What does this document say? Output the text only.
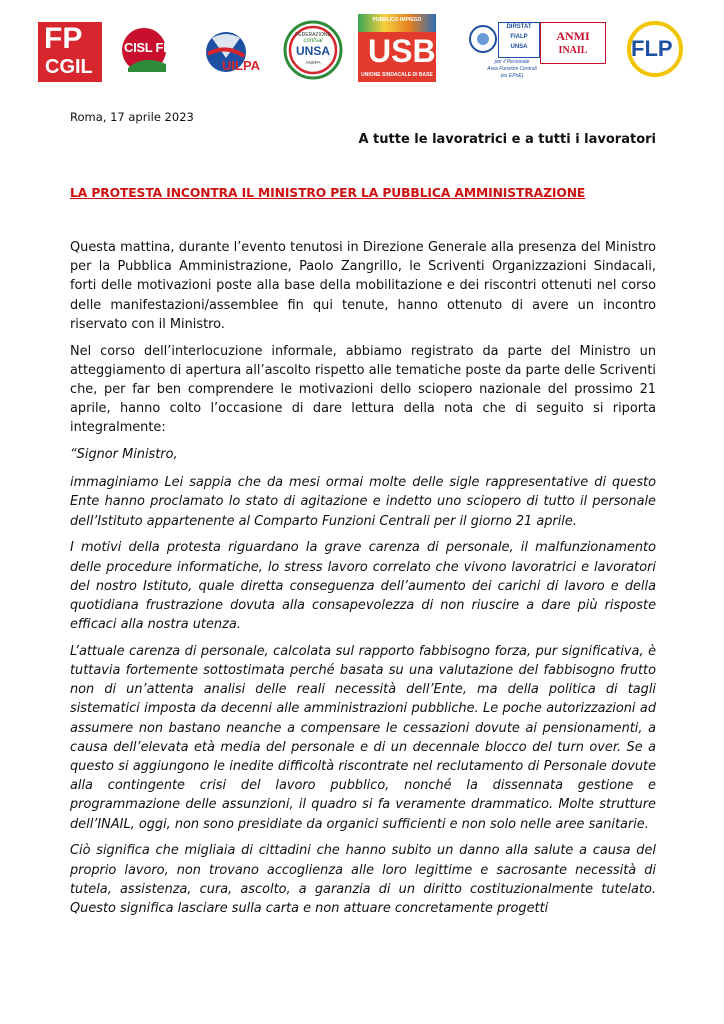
FP
CGIL
CISL FP
UILPA
FEDERAZIONE
confsal
UNSA
ANSPA
PUBBLICO IMPIEGO
USB
UNIONE SINDACALE DI BASE
DIRSTAT
FIALP
UNSA
per il Personale
Area Funzioni Centrali
(ex EPnE)
ANMI
INAIL	FLP
Roma, 17 aprile 2023
A tutte le lavoratrici e a tutti i lavoratori
LA PROTESTA INCONTRA IL MINISTRO PER LA PUBBLICA AMMINISTRAZIONE

Questa mattina, durante l’evento tenutosi in Direzione Generale alla presenza del Ministro per la Pubblica Amministrazione, Paolo Zangrillo, le Scriventi Organizzazioni Sindacali, forti delle motivazioni poste alla base della mobilitazione e dei riscontri ottenuti nel corso delle manifestazioni/assemblee fin qui tenute, hanno ottenuto di avere un incontro riservato con il Ministro.

Nel corso dell’interlocuzione informale, abbiamo registrato da parte del Ministro un atteggiamento di apertura all’ascolto rispetto alle tematiche poste da parte delle Scriventi che, per far ben comprendere le motivazioni dello sciopero nazionale del prossimo 21 aprile, hanno colto l’occasione di dare lettura della nota che di seguito si riporta integralmente:

“Signor Ministro,

immaginiamo Lei sappia che da mesi ormai molte delle sigle rappresentative di questo Ente hanno proclamato lo stato di agitazione e indetto uno sciopero di tutto il personale dell’Istituto appartenente al Comparto Funzioni Centrali per il giorno 21 aprile.

I motivi della protesta riguardano la grave carenza di personale, il malfunzionamento delle procedure informatiche, lo stress lavoro correlato che vivono lavoratrici e lavoratori del nostro Istituto, quale diretta conseguenza dell’aumento dei carichi di lavoro e della quotidiana frustrazione dovuta alla consapevolezza di non riuscire a dare più risposte efficaci alla nostra utenza.

L’attuale carenza di personale, calcolata sul rapporto fabbisogno forza, pur significativa, è tuttavia fortemente sottostimata perché basata su una valutazione del fabbisogno frutto non di un’attenta analisi delle reali necessità dell’Ente, ma della politica di tagli sistematici imposta da decenni alle amministrazioni pubbliche. Le poche autorizzazioni ad assumere non bastano neanche a compensare le cessazioni dovute ai pensionamenti, a causa dell’elevata età media del personale e di un decennale blocco del turn over. Se a questo si aggiungono le inedite difficoltà riscontrate nel reclutamento di Personale dovute alla contingente crisi del lavoro pubblico, nonché la dissennata gestione e programmazione delle assunzioni, il quadro si fa veramente drammatico. Molte strutture dell’INAIL, oggi, non sono presidiate da organici sufficienti e non solo nelle aree sanitarie.

Ciò significa che migliaia di cittadini che hanno subito un danno alla salute a causa del proprio lavoro, non trovano accoglienza alle loro legittime e sacrosante necessità di tutela, assistenza, cura, ascolto, a garanzia di un diritto costituzionalmente tutelato. Questo significa lasciare sulla carta e non attuare concretamente progetti
